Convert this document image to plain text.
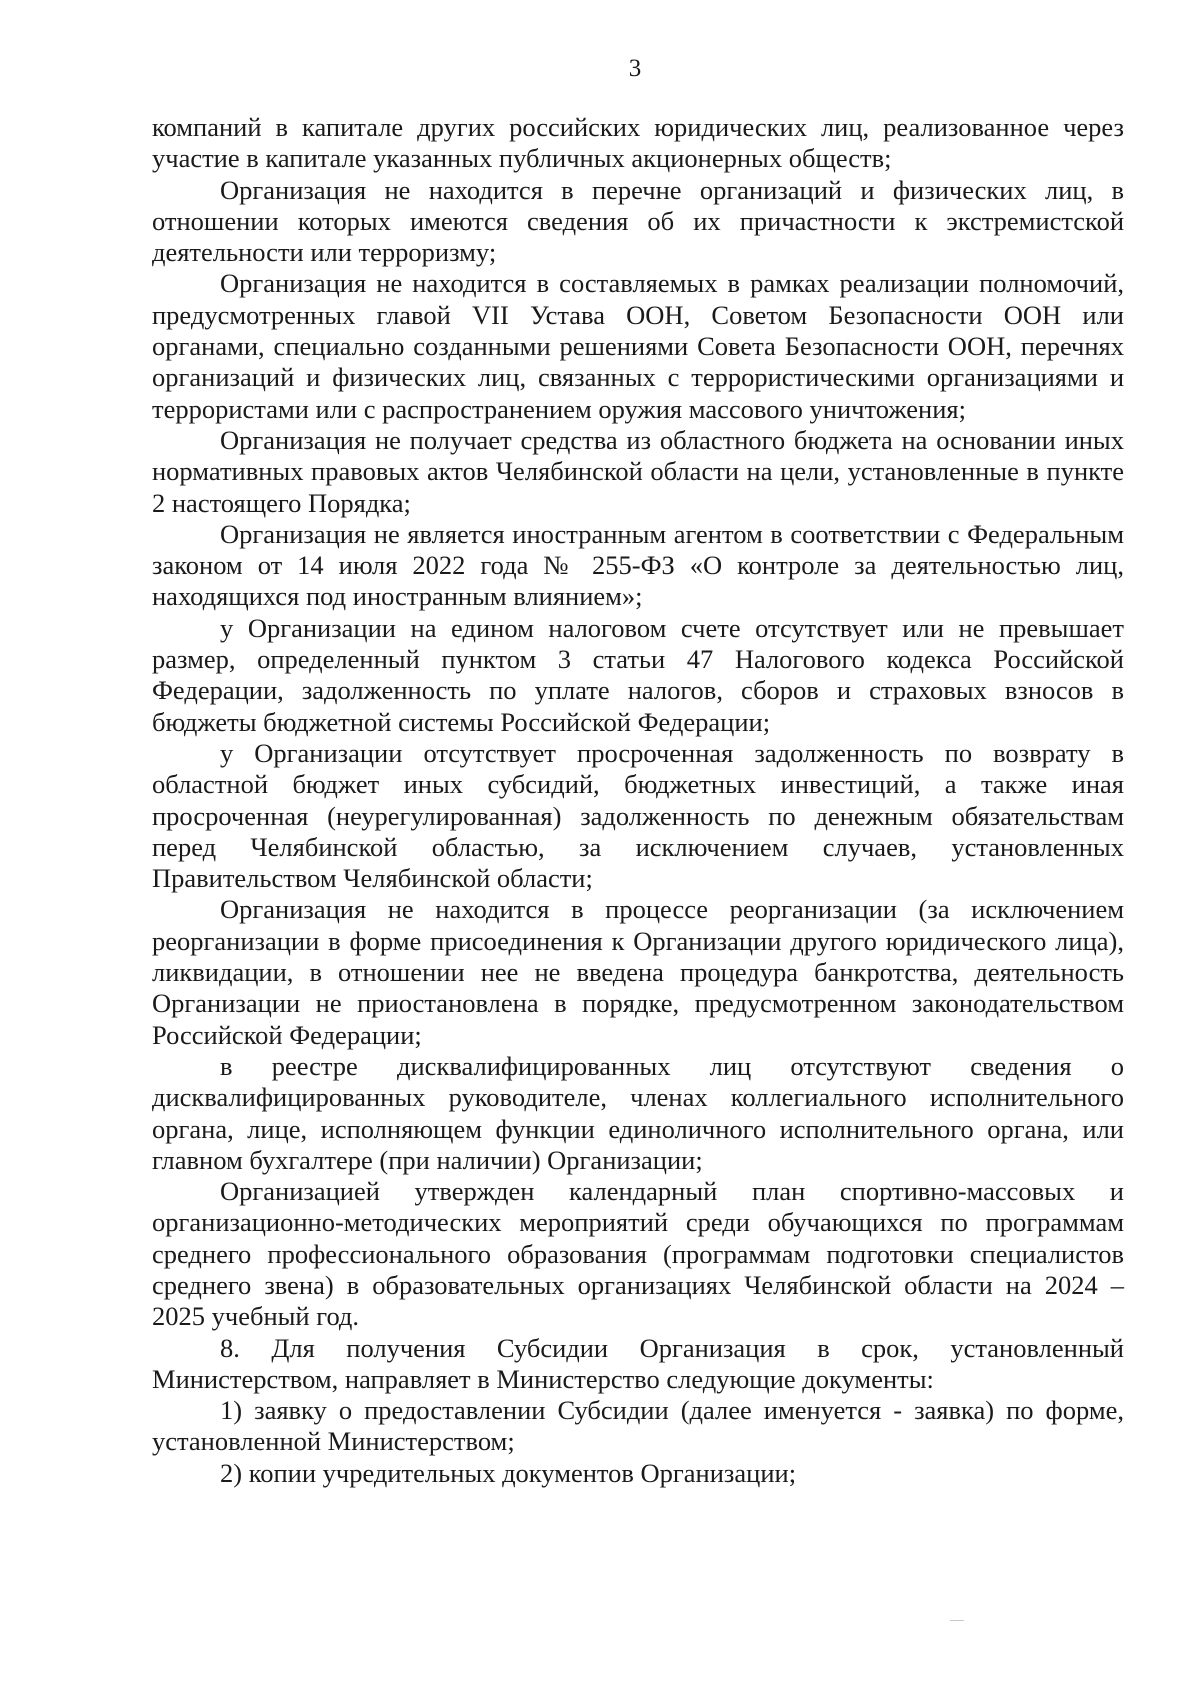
3

компаний в капитале других российских юридических лиц, реализованное через участие в капитале указанных публичных акционерных обществ;

Организация не находится в перечне организаций и физических лиц, в отношении которых имеются сведения об их причастности к экстремистской деятельности или терроризму;

Организация не находится в составляемых в рамках реализации полномочий, предусмотренных главой VII Устава ООН, Советом Безопасности ООН или органами, специально созданными решениями Совета Безопасности ООН, перечнях организаций и физических лиц, связанных с террористическими организациями и террористами или с распространением оружия массового уничтожения;

Организация не получает средства из областного бюджета на основании иных нормативных правовых актов Челябинской области на цели, установленные в пункте 2 настоящего Порядка;

Организация не является иностранным агентом в соответствии с Федеральным законом от 14 июля 2022 года № 255-ФЗ «О контроле за деятельностью лиц, находящихся под иностранным влиянием»;

у Организации на едином налоговом счете отсутствует или не превышает размер, определенный пунктом 3 статьи 47 Налогового кодекса Российской Федерации, задолженность по уплате налогов, сборов и страховых взносов в бюджеты бюджетной системы Российской Федерации;

у Организации отсутствует просроченная задолженность по возврату в областной бюджет иных субсидий, бюджетных инвестиций, а также иная просроченная (неурегулированная) задолженность по денежным обязательствам перед Челябинской областью, за исключением случаев, установленных Правительством Челябинской области;

Организация не находится в процессе реорганизации (за исключением реорганизации в форме присоединения к Организации другого юридического лица), ликвидации, в отношении нее не введена процедура банкротства, деятельность Организации не приостановлена в порядке, предусмотренном законодательством Российской Федерации;

в реестре дисквалифицированных лиц отсутствуют сведения о дисквалифицированных руководителе, членах коллегиального исполнительного органа, лице, исполняющем функции единоличного исполнительного органа, или главном бухгалтере (при наличии) Организации;

Организацией утвержден календарный план спортивно-массовых и организационно-методических мероприятий среди обучающихся по программам среднего профессионального образования (программам подготовки специалистов среднего звена) в образовательных организациях Челябинской области на 2024 – 2025 учебный год.

8. Для получения Субсидии Организация в срок, установленный Министерством, направляет в Министерство следующие документы:

1) заявку о предоставлении Субсидии (далее именуется - заявка) по форме, установленной Министерством;

2) копии учредительных документов Организации;
